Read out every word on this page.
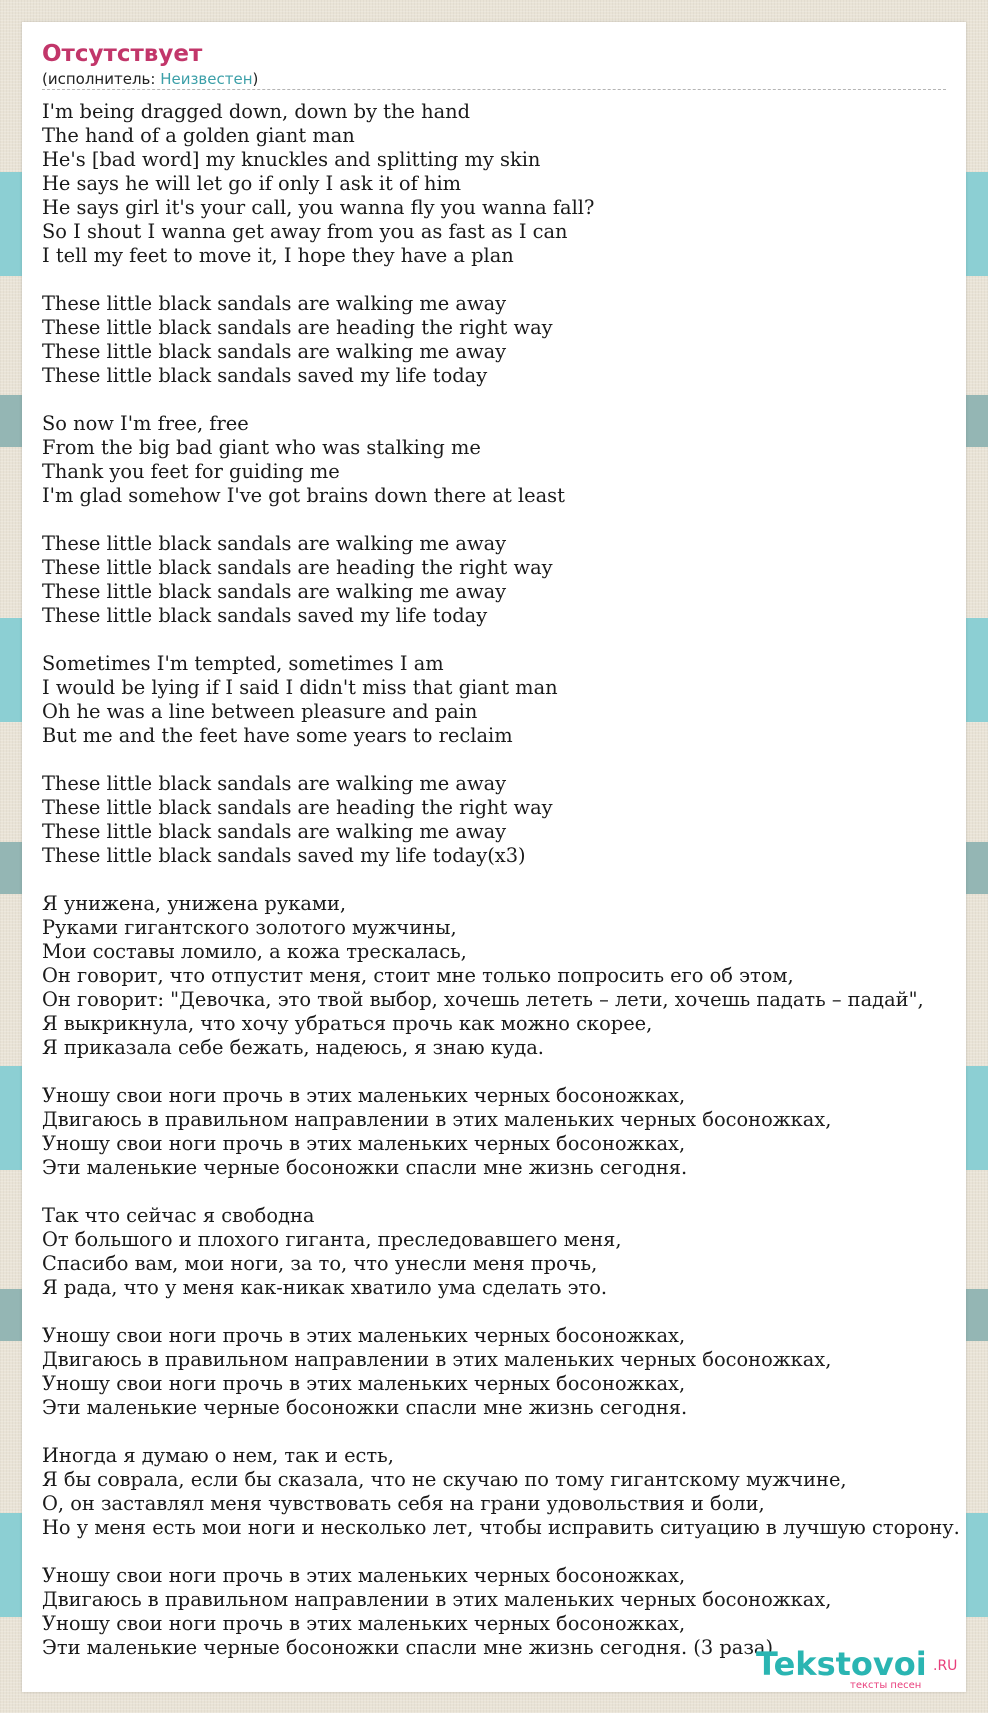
Отсутствует
(исполнитель: Неизвестен)
I'm being dragged down, down by the hand
The hand of a golden giant man
He's [bad word] my knuckles and splitting my skin
He says he will let go if only I ask it of him
He says girl it's your call, you wanna fly you wanna fall?
So I shout I wanna get away from you as fast as I can
I tell my feet to move it, I hope they have a plan
These little black sandals are walking me away
These little black sandals are heading the right way
These little black sandals are walking me away
These little black sandals saved my life today
So now I'm free, free
From the big bad giant who was stalking me
Thank you feet for guiding me
I'm glad somehow I've got brains down there at least
These little black sandals are walking me away
These little black sandals are heading the right way
These little black sandals are walking me away
These little black sandals saved my life today
Sometimes I'm tempted, sometimes I am
I would be lying if I said I didn't miss that giant man
Oh he was a line between pleasure and pain
But me and the feet have some years to reclaim
These little black sandals are walking me away
These little black sandals are heading the right way
These little black sandals are walking me away
These little black sandals saved my life today(x3)
Я унижена, унижена руками,
Руками гигантского золотого мужчины,
Мои составы ломило, а кожа трескалась,
Он говорит, что отпустит меня, стоит мне только попросить его об этом,
Он говорит: "Девочка, это твой выбор, хочешь лететь – лети, хочешь падать – падай",
Я выкрикнула, что хочу убраться прочь как можно скорее,
Я приказала себе бежать, надеюсь, я знаю куда.
Уношу свои ноги прочь в этих маленьких черных босоножках,
Двигаюсь в правильном направлении в этих маленьких черных босоножках,
Уношу свои ноги прочь в этих маленьких черных босоножках,
Эти маленькие черные босоножки спасли мне жизнь сегодня.
Так что сейчас я свободна
От большого и плохого гиганта, преследовавшего меня,
Спасибо вам, мои ноги, за то, что унесли меня прочь,
Я рада, что у меня как-никак хватило ума сделать это.
Уношу свои ноги прочь в этих маленьких черных босоножках,
Двигаюсь в правильном направлении в этих маленьких черных босоножках,
Уношу свои ноги прочь в этих маленьких черных босоножках,
Эти маленькие черные босоножки спасли мне жизнь сегодня.
Иногда я думаю о нем, так и есть,
Я бы соврала, если бы сказала, что не скучаю по тому гигантскому мужчине,
О, он заставлял меня чувствовать себя на грани удовольствия и боли,
Но у меня есть мои ноги и несколько лет, чтобы исправить ситуацию в лучшую сторону.
Уношу свои ноги прочь в этих маленьких черных босоножках,
Двигаюсь в правильном направлении в этих маленьких черных босоножках,
Уношу свои ноги прочь в этих маленьких черных босоножках,
Эти маленькие черные босоножки спасли мне жизнь сегодня. (3 раза)
Tekstovoi .RU
тексты песен
